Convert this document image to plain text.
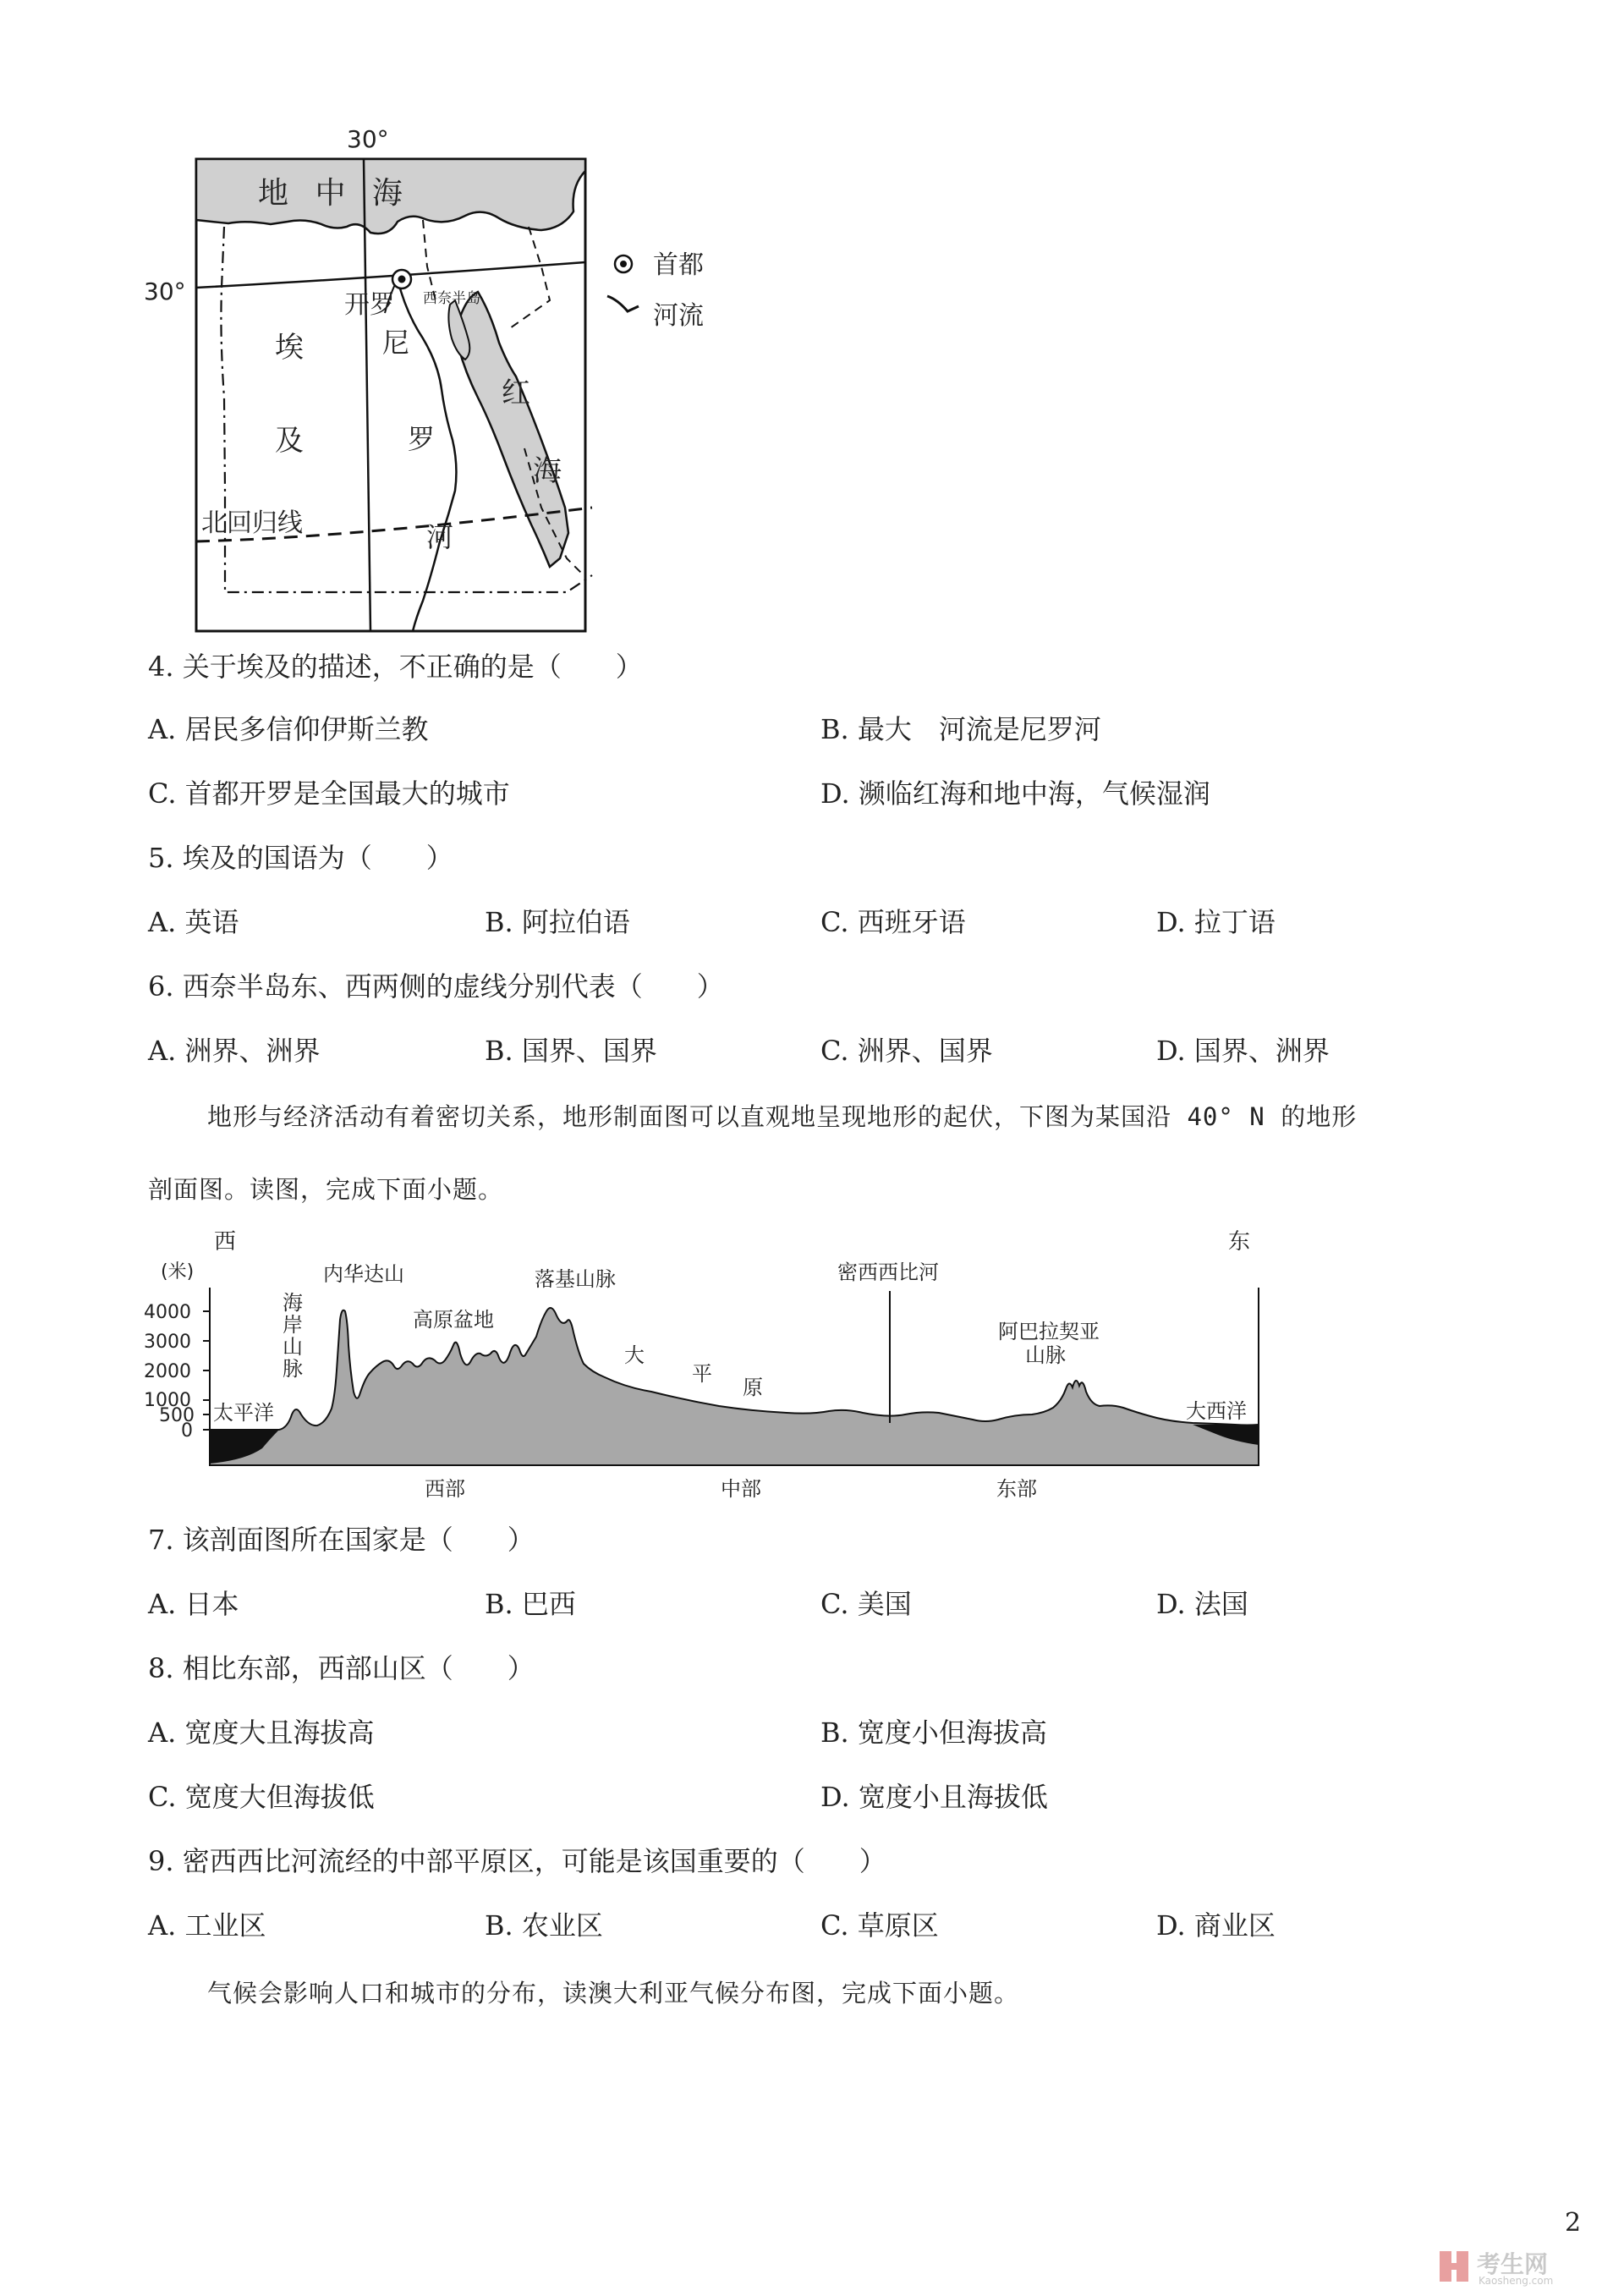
30°
30°
地 中 海
开罗 西奈半岛
埃
及
尼
罗
河
红
海
北回归线
首都
河流
4. 关于埃及的描述，不正确的是（　　）
A. 居民多信仰伊斯兰教	B. 最大　河流是尼罗河
C. 首都开罗是全国最大的城市	D. 濒临红海和地中海，气候湿润
5. 埃及的国语为（　　）
A. 英语	B. 阿拉伯语	C. 西班牙语	D. 拉丁语
6. 西奈半岛东、西两侧的虚线分别代表（　　）
A. 洲界、洲界	B. 国界、国界	C. 洲界、国界	D. 国界、洲界
地形与经济活动有着密切关系，地形制面图可以直观地呈现地形的起伏，下图为某国沿 40° N 的地形
剖面图。读图，完成下面小题。
4000
3000
2000
1000
500
0
(米)
西	东
太平洋
海
岸
山
脉
内华达山
高原盆地
落基山脉
大
平
原
密西西比河
阿巴拉契亚
山脉
大西洋
西部	中部	东部
7. 该剖面图所在国家是（　　）
A. 日本	B. 巴西	C. 美国	D. 法国
8. 相比东部，西部山区（　　）
A. 宽度大且海拔高	B. 宽度小但海拔高
C. 宽度大但海拔低	D. 宽度小且海拔低
9. 密西西比河流经的中部平原区，可能是该国重要的（　　）
A. 工业区	B. 农业区	C. 草原区	D. 商业区
气候会影响人口和城市的分布，读澳大利亚气候分布图，完成下面小题。
2
考生网
Kaosheng.com
